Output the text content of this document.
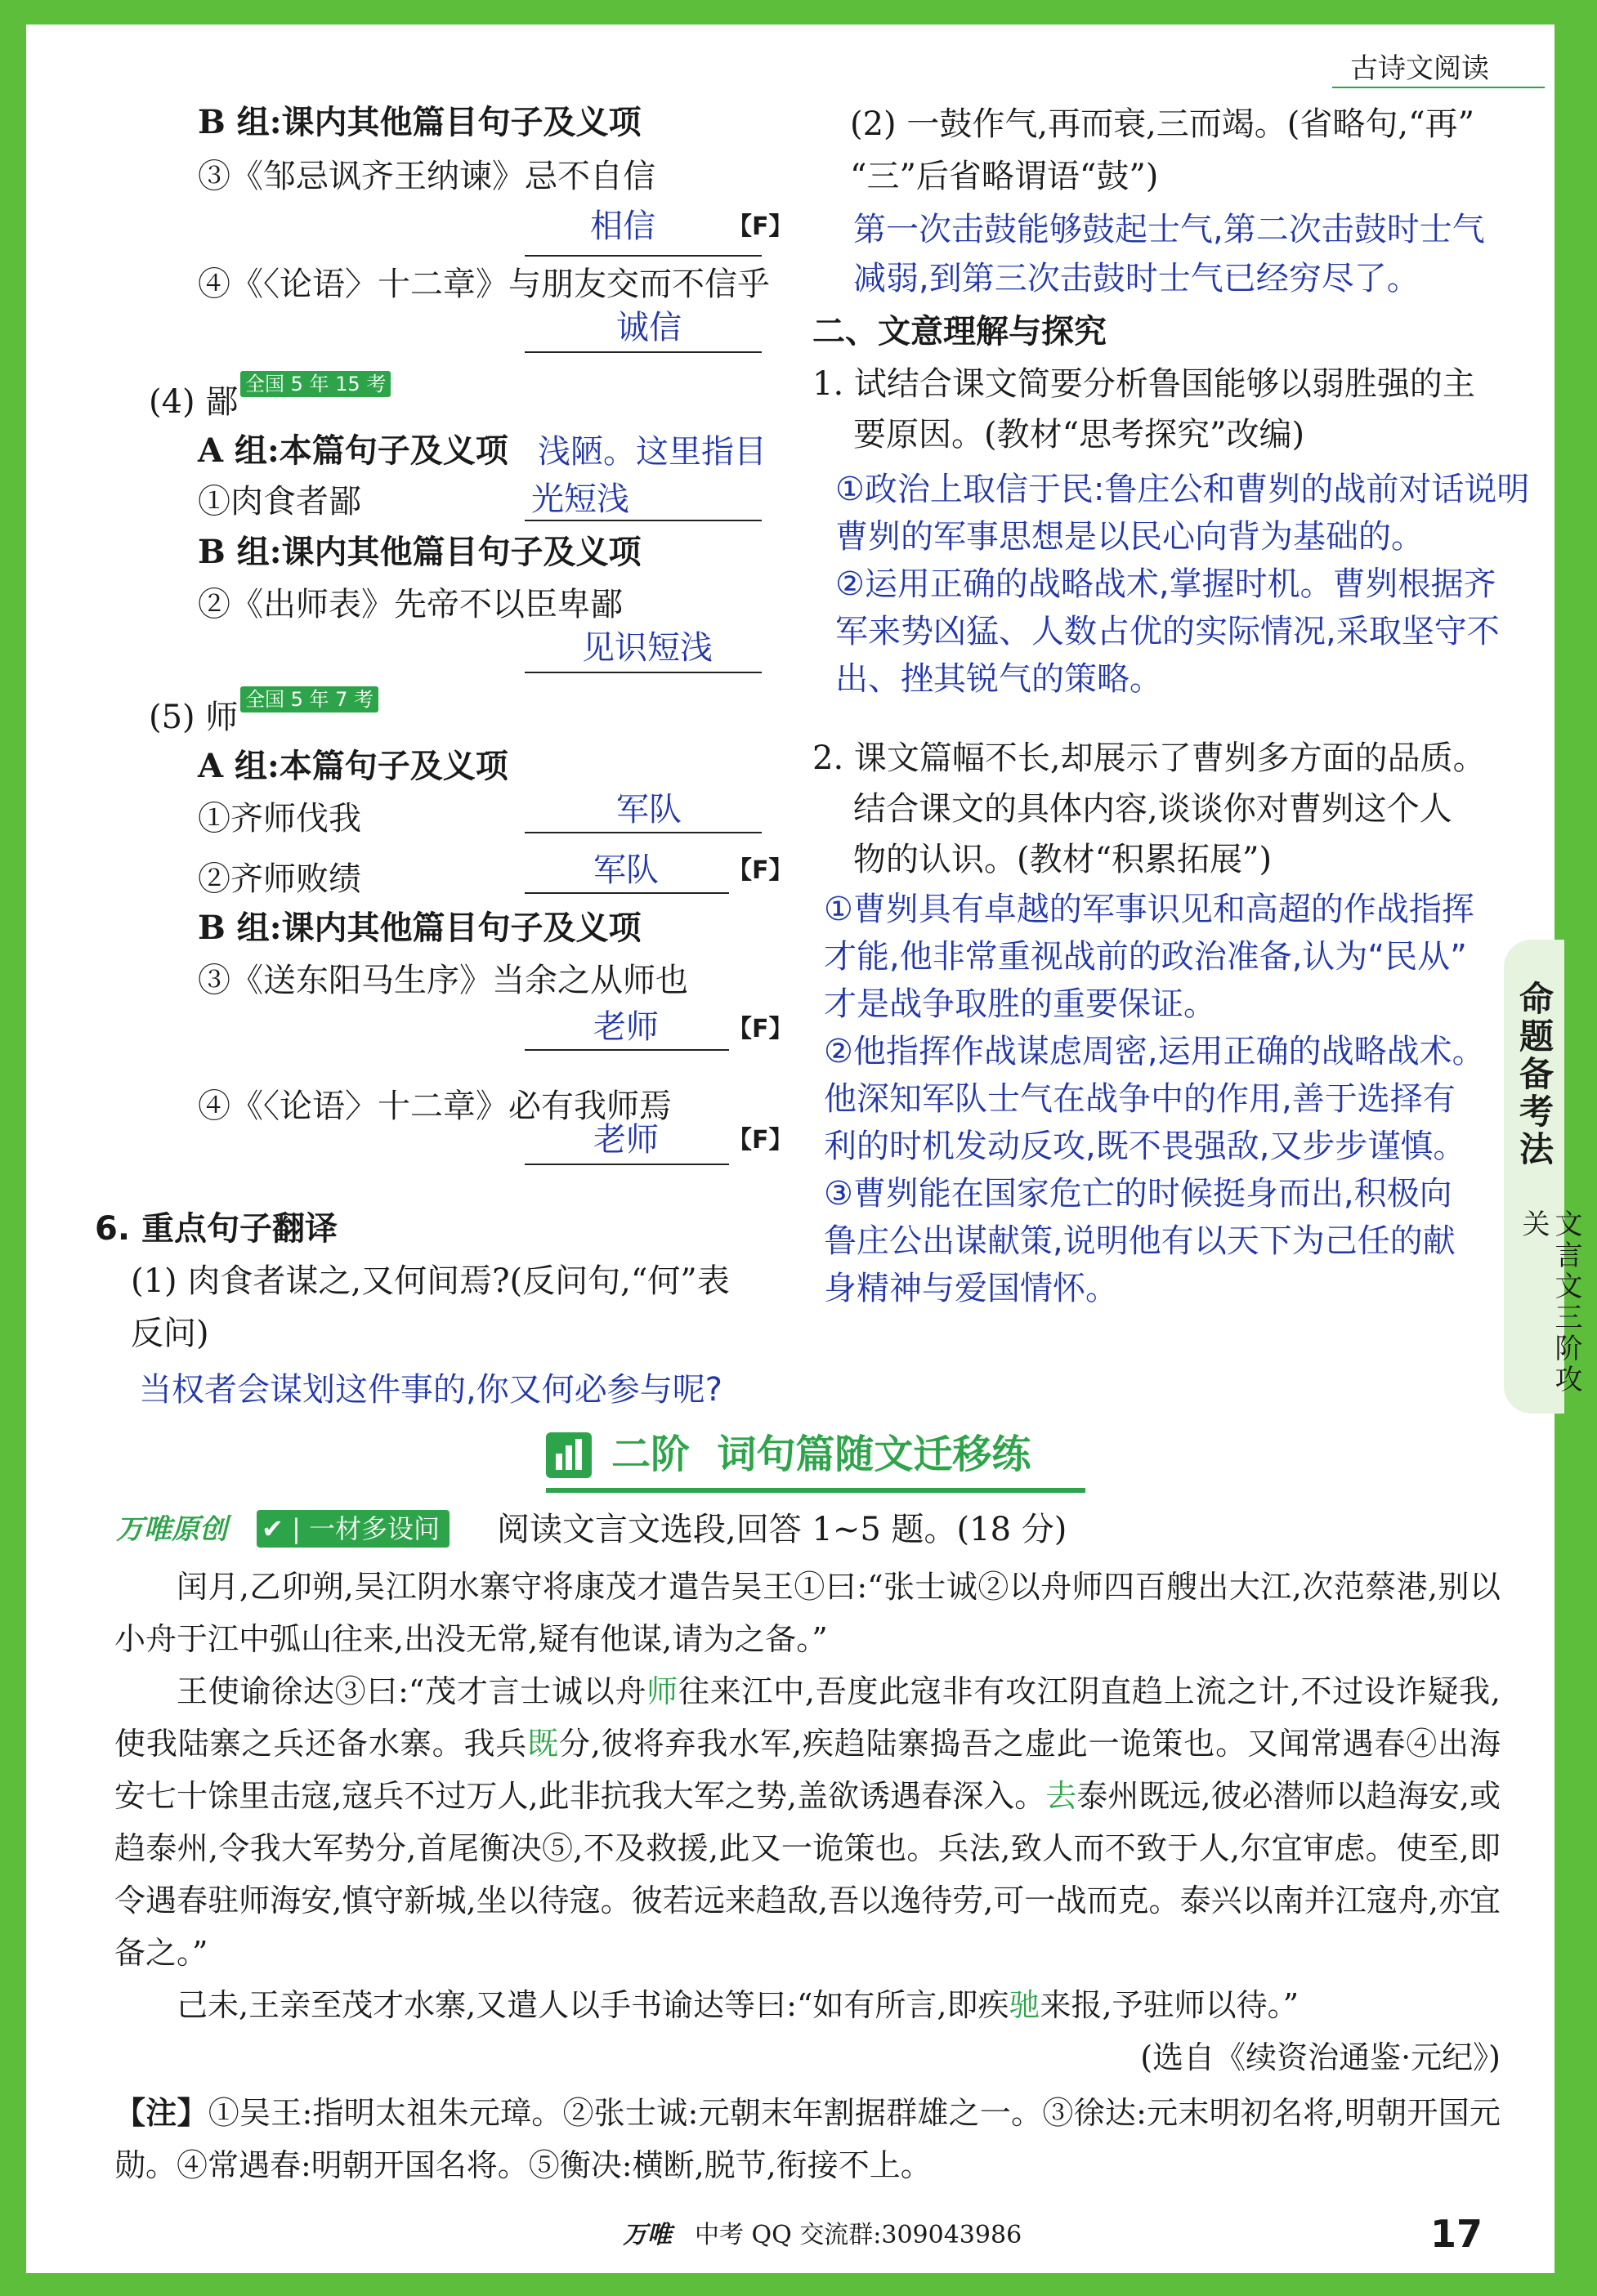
古诗文阅读
B 组:课内其他篇目句子及义项
③《邹忌讽齐王纳谏》忌不自信
相信	【F】
④《〈论语〉十二章》与朋友交而不信乎
诚信
(4) 鄙 全国 5 年 15 考
A 组:本篇句子及义项 浅陋。这里指目
①肉食者鄙	光短浅
B 组:课内其他篇目句子及义项
②《出师表》先帝不以臣卑鄙
见识短浅
(5) 师 全国 5 年 7 考
A 组:本篇句子及义项
①齐师伐我	军队
②齐师败绩	军队	【F】
B 组:课内其他篇目句子及义项
③《送东阳马生序》当余之从师也
老师	【F】
④《〈论语〉十二章》必有我师焉
老师	【F】
6. 重点句子翻译
(1) 肉食者谋之,又何间焉?(反问句,“何”表
反问)
当权者会谋划这件事的,你又何必参与呢?
(2) 一鼓作气,再而衰,三而竭。(省略句,“再”
“三”后省略谓语“鼓”)
第一次击鼓能够鼓起士气,第二次击鼓时士气
减弱,到第三次击鼓时士气已经穷尽了。
二、文意理解与探究
1. 试结合课文简要分析鲁国能够以弱胜强的主
要原因。(教材“思考探究”改编)
①政治上取信于民:鲁庄公和曹刿的战前对话说明
曹刿的军事思想是以民心向背为基础的。
②运用正确的战略战术,掌握时机。曹刿根据齐
军来势凶猛、人数占优的实际情况,采取坚守不
出、挫其锐气的策略。
2. 课文篇幅不长,却展示了曹刿多方面的品质。
结合课文的具体内容,谈谈你对曹刿这个人
物的认识。(教材“积累拓展”)
①曹刿具有卓越的军事识见和高超的作战指挥
才能,他非常重视战前的政治准备,认为“民从”
才是战争取胜的重要保证。
②他指挥作战谋虑周密,运用正确的战略战术。
他深知军队士气在战争中的作用,善于选择有
利的时机发动反攻,既不畏强敌,又步步谨慎。
③曹刿能在国家危亡的时候挺身而出,积极向
鲁庄公出谋献策,说明他有以天下为己任的献
身精神与爱国情怀。
二阶  词句篇随文迁移练
万唯原创 ✔ | 一材多设问	阅读文言文选段,回答 1~5 题。(18 分)
闰月,乙卯朔,吴江阴水寨守将康茂才遣告吴王①曰:“张士诚②以舟师四百艘出大江,次范蔡港,别以小舟于江中弧山往来,出没无常,疑有他谋,请为之备。”
王使谕徐达③曰:“茂才言士诚以舟师往来江中,吾度此寇非有攻江阴直趋上流之计,不过设诈疑我,使我陆寨之兵还备水寨。我兵既分,彼将弃我水军,疾趋陆寨捣吾之虚此一诡策也。又闻常遇春④出海安七十馀里击寇,寇兵不过万人,此非抗我大军之势,盖欲诱遇春深入。去泰州既远,彼必潜师以趋海安,或趋泰州,令我大军势分,首尾衡决⑤,不及救援,此又一诡策也。兵法,致人而不致于人,尔宜审虑。使至,即令遇春驻师海安,慎守新城,坐以待寇。彼若远来趋敌,吾以逸待劳,可一战而克。泰兴以南并江寇舟,亦宜备之。”
己未,王亲至茂才水寨,又遣人以手书谕达等曰:“如有所言,即疾驰来报,予驻师以待。”
(选自《续资治通鉴·元纪》)
【注】①吴王:指明太祖朱元璋。②张士诚:元朝末年割据群雄之一。③徐达:元末明初名将,明朝开国元勋。④常遇春:明朝开国名将。⑤衡决:横断,脱节,衔接不上。
万唯 中考 QQ 交流群:309043986	17
命题备考法
文言文三阶攻关
